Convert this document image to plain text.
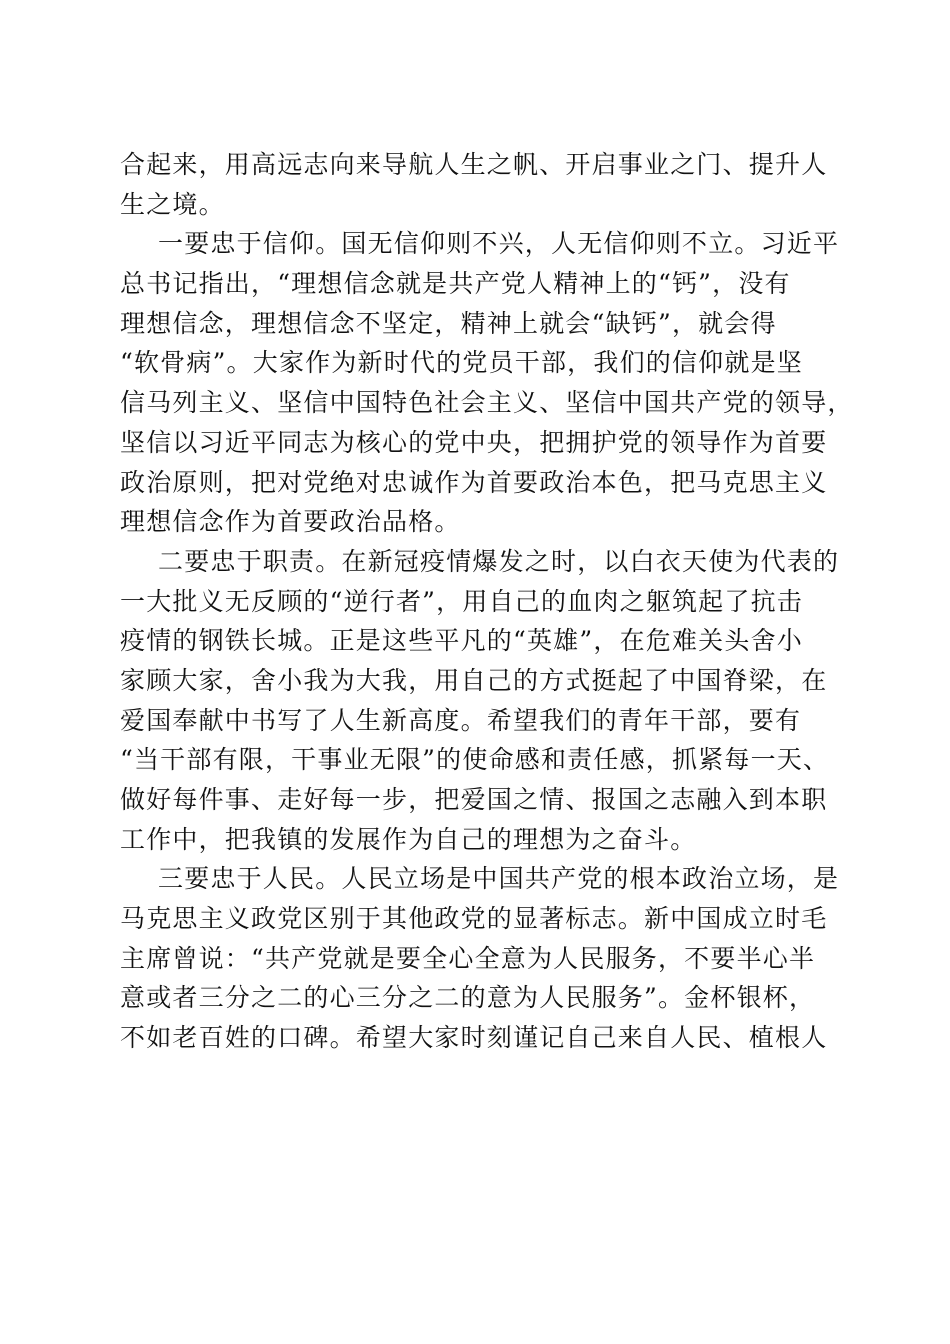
合起来，用高远志向来导航人生之帆、开启事业之门、提升人
生之境。
一要忠于信仰。国无信仰则不兴，人无信仰则不立。习近平
总书记指出，“理想信念就是共产党人精神上的“钙”，没有
理想信念，理想信念不坚定，精神上就会“缺钙”，就会得
“软骨病”。大家作为新时代的党员干部，我们的信仰就是坚
信马列主义、坚信中国特色社会主义、坚信中国共产党的领导，
坚信以习近平同志为核心的党中央，把拥护党的领导作为首要
政治原则，把对党绝对忠诚作为首要政治本色，把马克思主义
理想信念作为首要政治品格。
二要忠于职责。在新冠疫情爆发之时，以白衣天使为代表的
一大批义无反顾的“逆行者”，用自己的血肉之躯筑起了抗击
疫情的钢铁长城。正是这些平凡的“英雄”，在危难关头舍小
家顾大家，舍小我为大我，用自己的方式挺起了中国脊梁，在
爱国奉献中书写了人生新高度。希望我们的青年干部，要有
“当干部有限，干事业无限”的使命感和责任感，抓紧每一天、
做好每件事、走好每一步，把爱国之情、报国之志融入到本职
工作中，把我镇的发展作为自己的理想为之奋斗。
三要忠于人民。人民立场是中国共产党的根本政治立场，是
马克思主义政党区别于其他政党的显著标志。新中国成立时毛
主席曾说：“共产党就是要全心全意为人民服务，不要半心半
意或者三分之二的心三分之二的意为人民服务”。金杯银杯，
不如老百姓的口碑。希望大家时刻谨记自己来自人民、植根人
